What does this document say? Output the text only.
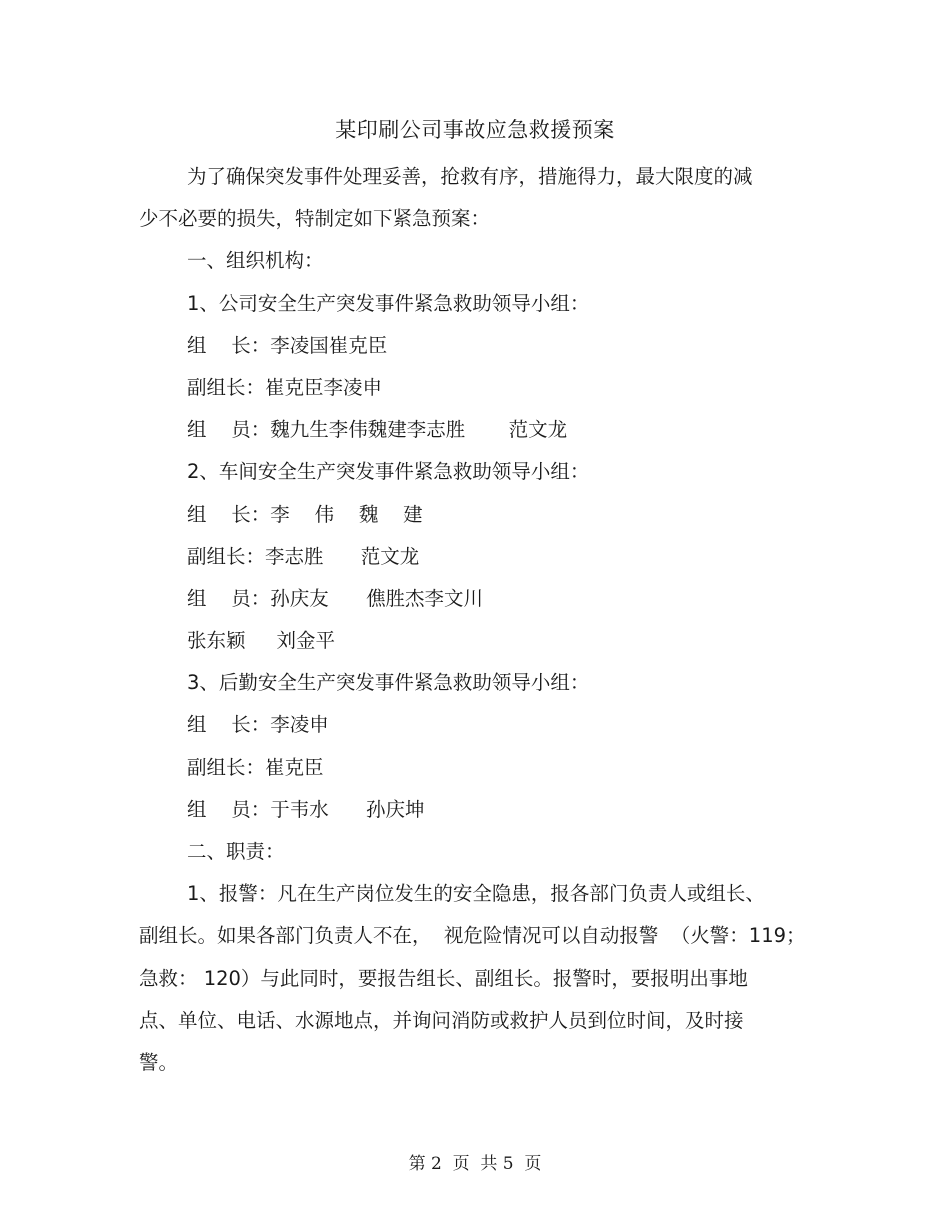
某印刷公司事故应急救援预案
为了确保突发事件处理妥善，抢救有序，措施得力，最大限度的减
少不必要的损失，特制定如下紧急预案：
一、组织机构：
1、公司安全生产突发事件紧急救助领导小组：
组    长：李凌国崔克臣
副组长：崔克臣李凌申
组    员：魏九生李伟魏建李志胜       范文龙
2、车间安全生产突发事件紧急救助领导小组：
组    长：李    伟    魏    建
副组长：李志胜      范文龙
组    员：孙庆友      僬胜杰李文川
张东颖     刘金平
3、后勤安全生产突发事件紧急救助领导小组：
组    长：李凌申
副组长：崔克臣
组    员：于韦水      孙庆坤
二、职责：
1、报警：凡在生产岗位发生的安全隐患，报各部门负责人或组长、
副组长。如果各部门负责人不在，  视危险情况可以自动报警  （火警：119；
急救： 120）与此同时，要报告组长、副组长。报警时，要报明出事地
点、单位、电话、水源地点，并询问消防或救护人员到位时间，及时接
警。
第 2  页  共 5  页
